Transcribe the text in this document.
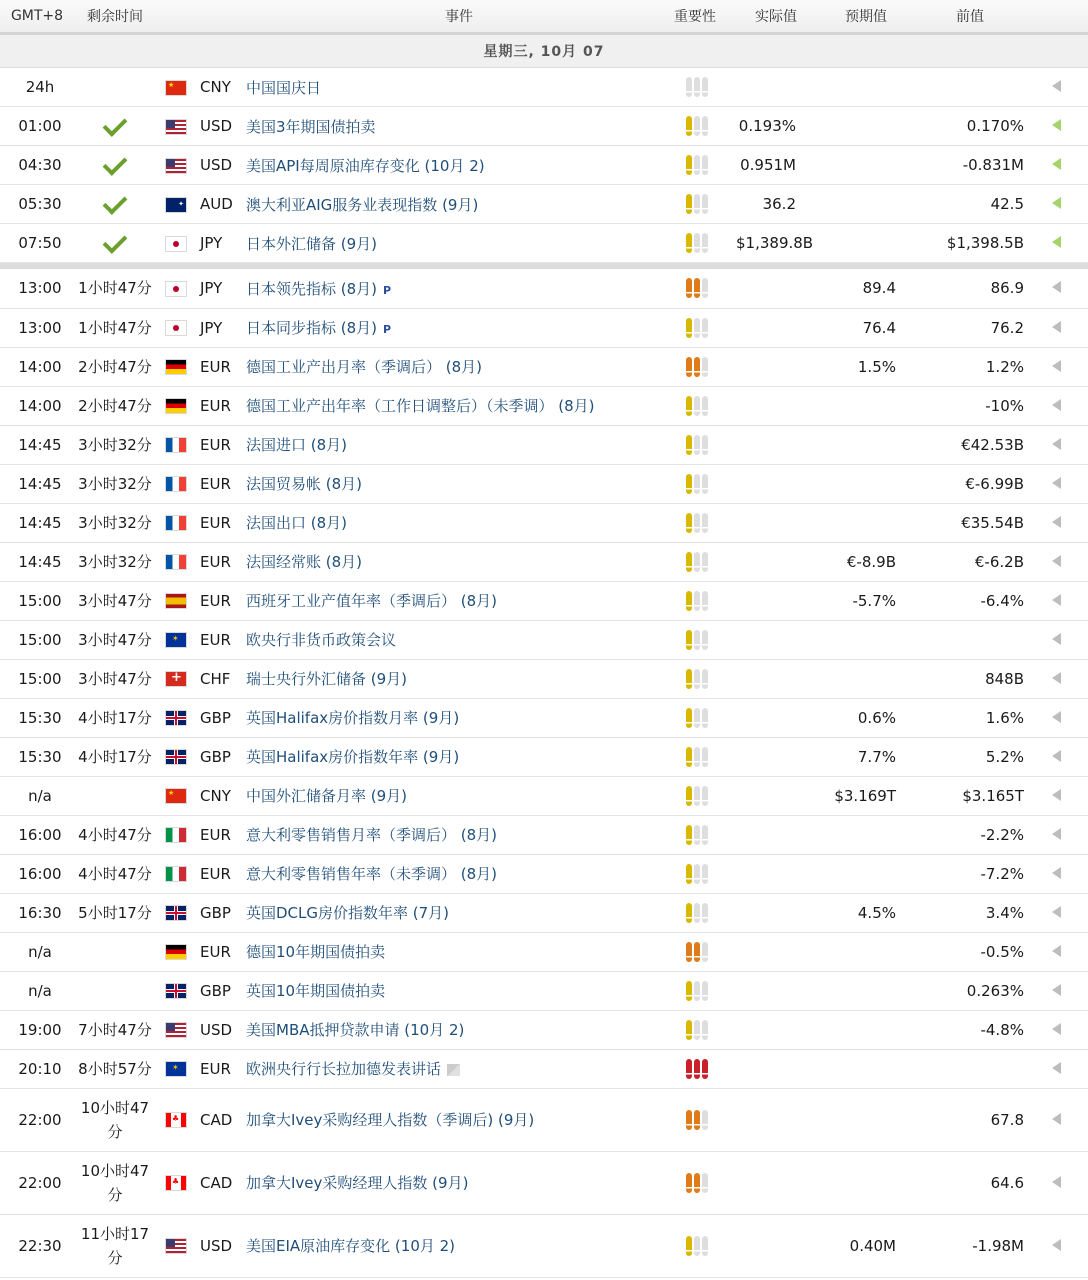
GMT+8	剩余时间			事件	重要性	实际值	预期值	前值	
星期三, 10月 07									
24h		★	CNY	中国国庆日					
01:00			USD	美国3年期国债拍卖		0.193%		0.170%	
04:30			USD	美国API每周原油库存变化 (10月 2)		0.951M		-0.831M	
05:30		✦	AUD	澳大利亚AIG服务业表现指数 (9月)		36.2		42.5	
07:50			JPY	日本外汇储备 (9月)		$1,389.8B		$1,398.5B	

13:00	1小时47分		JPY	日本领先指标 (8月) P			89.4	86.9	
13:00	1小时47分		JPY	日本同步指标 (8月) P			76.4	76.2	
14:00	2小时47分		EUR	德国工业产出月率（季调后） (8月)			1.5%	1.2%	
14:00	2小时47分		EUR	德国工业产出年率（工作日调整后）（未季调） (8月)				-10%	
14:45	3小时32分		EUR	法国进口 (8月)				€42.53B	
14:45	3小时32分		EUR	法国贸易帐 (8月)				€-6.99B	
14:45	3小时32分		EUR	法国出口 (8月)				€35.54B	
14:45	3小时32分		EUR	法国经常账 (8月)			€-8.9B	€-6.2B	
15:00	3小时47分		EUR	西班牙工业产值年率（季调后） (8月)			-5.7%	-6.4%	
15:00	3小时47分	✶	EUR	欧央行非货币政策会议					
15:00	3小时47分	+	CHF	瑞士央行外汇储备 (9月)				848B	
15:30	4小时17分		GBP	英国Halifax房价指数月率 (9月)			0.6%	1.6%	
15:30	4小时17分		GBP	英国Halifax房价指数年率 (9月)			7.7%	5.2%	
n/a		★	CNY	中国外汇储备月率 (9月)			$3.169T	$3.165T	
16:00	4小时47分		EUR	意大利零售销售月率（季调后） (8月)				-2.2%	
16:00	4小时47分		EUR	意大利零售销售年率（未季调） (8月)				-7.2%	
16:30	5小时17分		GBP	英国DCLG房价指数年率 (7月)			4.5%	3.4%	
n/a			EUR	德国10年期国债拍卖				-0.5%	
n/a			GBP	英国10年期国债拍卖				0.263%	
19:00	7小时47分		USD	美国MBA抵押贷款申请 (10月 2)				-4.8%	
20:10	8小时57分	✶	EUR	欧洲央行行长拉加德发表讲话					
22:00	10小时47分	♣	CAD	加拿大Ivey采购经理人指数（季调后) (9月)				67.8	
22:00	10小时47分	♣	CAD	加拿大Ivey采购经理人指数 (9月)				64.6	
22:30	11小时17分		USD	美国EIA原油库存变化 (10月 2)			0.40M	-1.98M	
